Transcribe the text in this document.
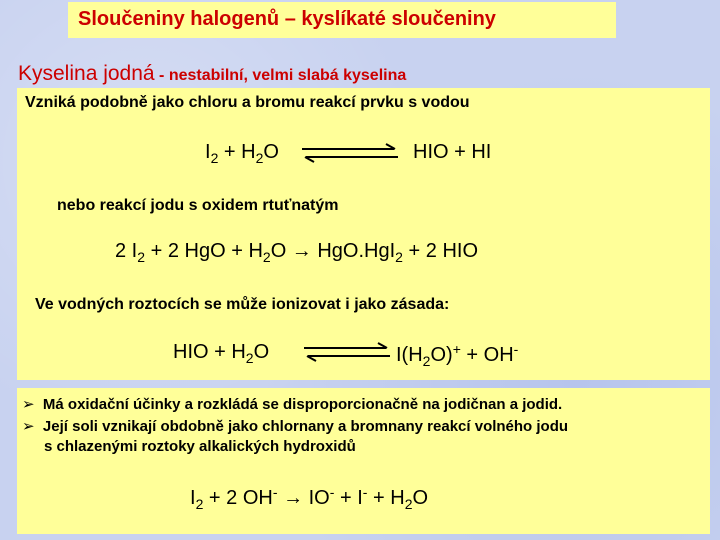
Sloučeniny halogenů – kyslíkaté sloučeniny
Kyselina jodná - nestabilní, velmi slabá kyselina
Vzniká podobně jako chloru a bromu reakcí prvku s vodou
$I_2 + H_2O$	HIO + HI
nebo reakcí jodu s oxidem rtuťnatým
2 $I_2 + 2$ HgO + $H_2O \to HgO.HgI_2 + 2$ HIO
Ve vodných roztocích se může ionizovat i jako zásada:
HIO + $H_2O$	$I(H_2O)^+ + OH^-$
➢ Má oxidační účinky a rozkládá se disproporcionačně na jodičnan a jodid.
➢ Její soli vznikají obdobně jako chlornany a bromnany reakcí volného jodu
s chlazenými roztoky alkalických hydroxidů
$I_2 + 2$ $OH^- \to IO^- + I^- + H_2O$
